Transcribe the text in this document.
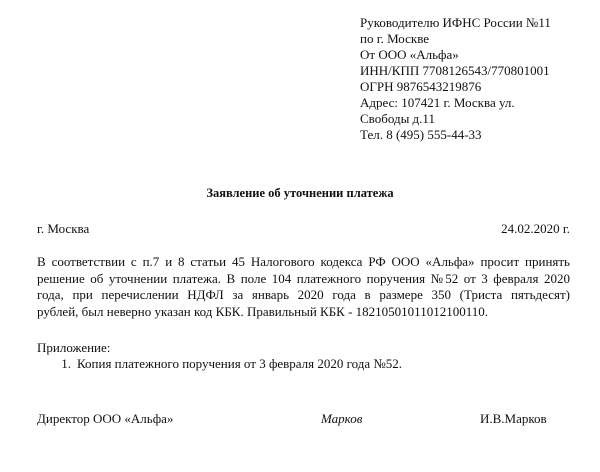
Руководителю ИФНС России №11
по г. Москве
От ООО «Альфа»
ИНН/КПП 7708126543/770801001
ОГРН 9876543219876
Адрес: 107421 г. Москва ул.
Свободы д.11
Тел. 8 (495) 555-44-33
Заявление об уточнении платежа
г. Москва	24.02.2020 г.
В соответствии с п.7 и 8 статьи 45 Налогового кодекса РФ ООО «Альфа» просит принять
решение об уточнении платежа. В поле 104 платежного поручения №52 от 3 февраля 2020
года, при перечислении НДФЛ за январь 2020 года в размере 350 (Триста пятьдесят)
рублей, был неверно указан код КБК. Правильный КБК - 18210501011012100110.
Приложение:
1. Копия платежного поручения от 3 февраля 2020 года №52.
Директор ООО «Альфа»	Марков	И.В.Марков
